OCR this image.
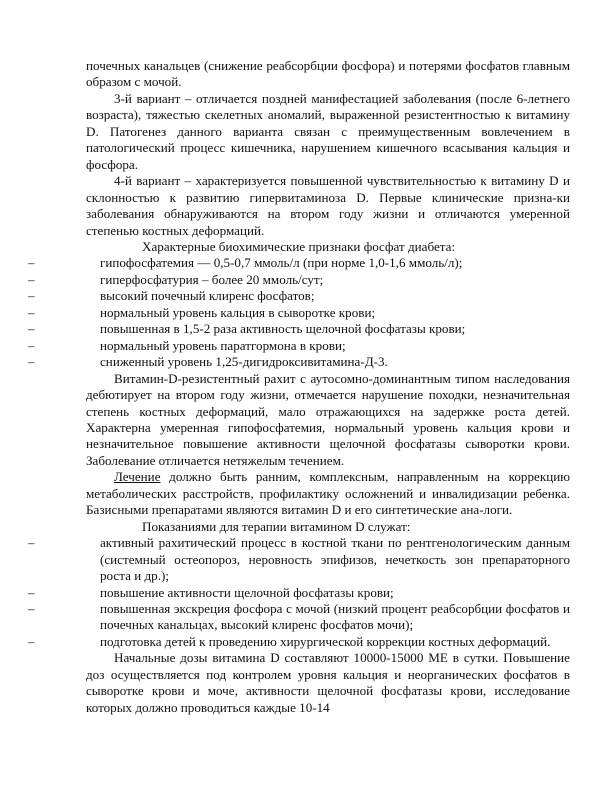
почечных канальцев (снижение реабсорбции фосфора) и потерями фосфатов главным образом с мочой.

3-й вариант – отличается поздней манифестацией заболевания (после 6-летнего возраста), тяжестью скелетных аномалий, выраженной резистентностью к витамину D. Патогенез данного варианта связан с преимущественным вовлечением в патологический процесс кишечника, нарушением кишечного всасывания кальция и фосфора.

4-й вариант – характеризуется повышенной чувствительностью к витамину D и склонностью к развитию гипервитаминоза D. Первые клинические призна-ки заболевания обнаруживаются на втором году жизни и отличаются умеренной степенью костных деформаций.

Характерные биохимические признаки фосфат диабета:

–	гипофосфатемия — 0,5-0,7 ммоль/л (при норме 1,0-1,6 ммоль/л);

–	гиперфосфатурия – более 20 ммоль/сут;

–	высокий почечный клиренс фосфатов;

–	нормальный уровень кальция в сыворотке крови;

–	повышенная в 1,5-2 раза активность щелочной фосфатазы крови;

–	нормальный уровень паратгормона в крови;

–	сниженный уровень 1,25-дигидроксивитамина-Д-3.

Витамин-D-резистентный рахит с аутосомно-доминантным типом наследования дебютирует на втором году жизни, отмечается нарушение походки, незначительная степень костных деформаций, мало отражающихся на задержке роста детей. Характерна умеренная гипофосфатемия, нормальный уровень кальция крови и незначительное повышение активности щелочной фосфатазы сыворотки крови. Заболевание отличается нетяжелым течением.

Лечение должно быть ранним, комплексным, направленным на коррекцию метаболических расстройств, профилактику осложнений и инвалидизации ребенка. Базисными препаратами являются витамин D и его синтетические ана-логи.

Показаниями для терапии витамином D служат:

–	активный рахитический процесс в костной ткани по рентгенологическим данным (системный остеопороз, неровность эпифизов, нечеткость зон препараторного роста и др.);

–	повышение активности щелочной фосфатазы крови;

–	повышенная экскреция фосфора с мочой (низкий процент реабсорбции фосфатов и почечных канальцах, высокий клиренс фосфатов мочи);

–	подготовка детей к проведению хирургической коррекции костных деформаций.

Начальные дозы витамина D составляют 10000-15000 МЕ в сутки. Повышение доз осуществляется под контролем уровня кальция и неорганических фосфатов в сыворотке крови и моче, активности щелочной фосфатазы крови, исследование которых должно проводиться каждые 10-14
